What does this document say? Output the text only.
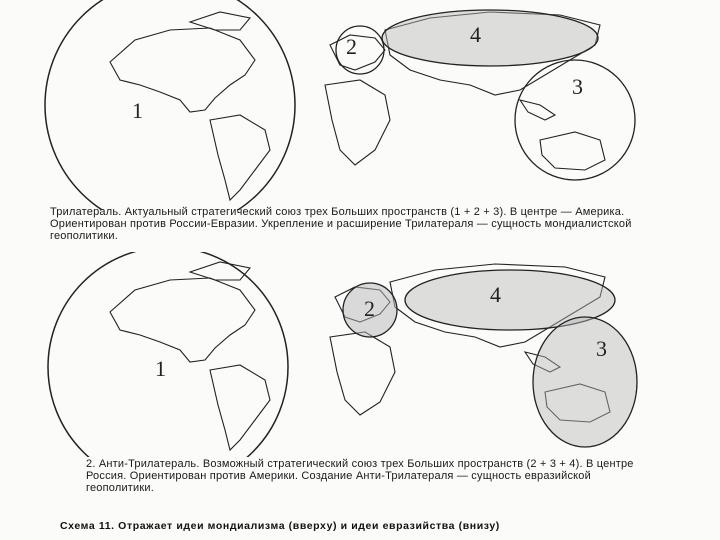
1
2	4
3
Трилатераль. Актуальный стратегический союз трех Больших пространств (1 + 2 + 3). В центре — Америка. Ориентирован против России-Евразии. Укрепление и расширение Трилатераля — сущность мондиалистской геополитики.
1
2
4
3
2. Анти-Трилатераль. Возможный стратегический союз трех Больших пространств (2 + 3 + 4). В центре Россия. Ориентирован против Америки. Создание Анти-Трилатераля — сущность евразийской геополитики.
Схема 11. Отражает идеи мондиализма (вверху) и идеи евразийства (внизу)
